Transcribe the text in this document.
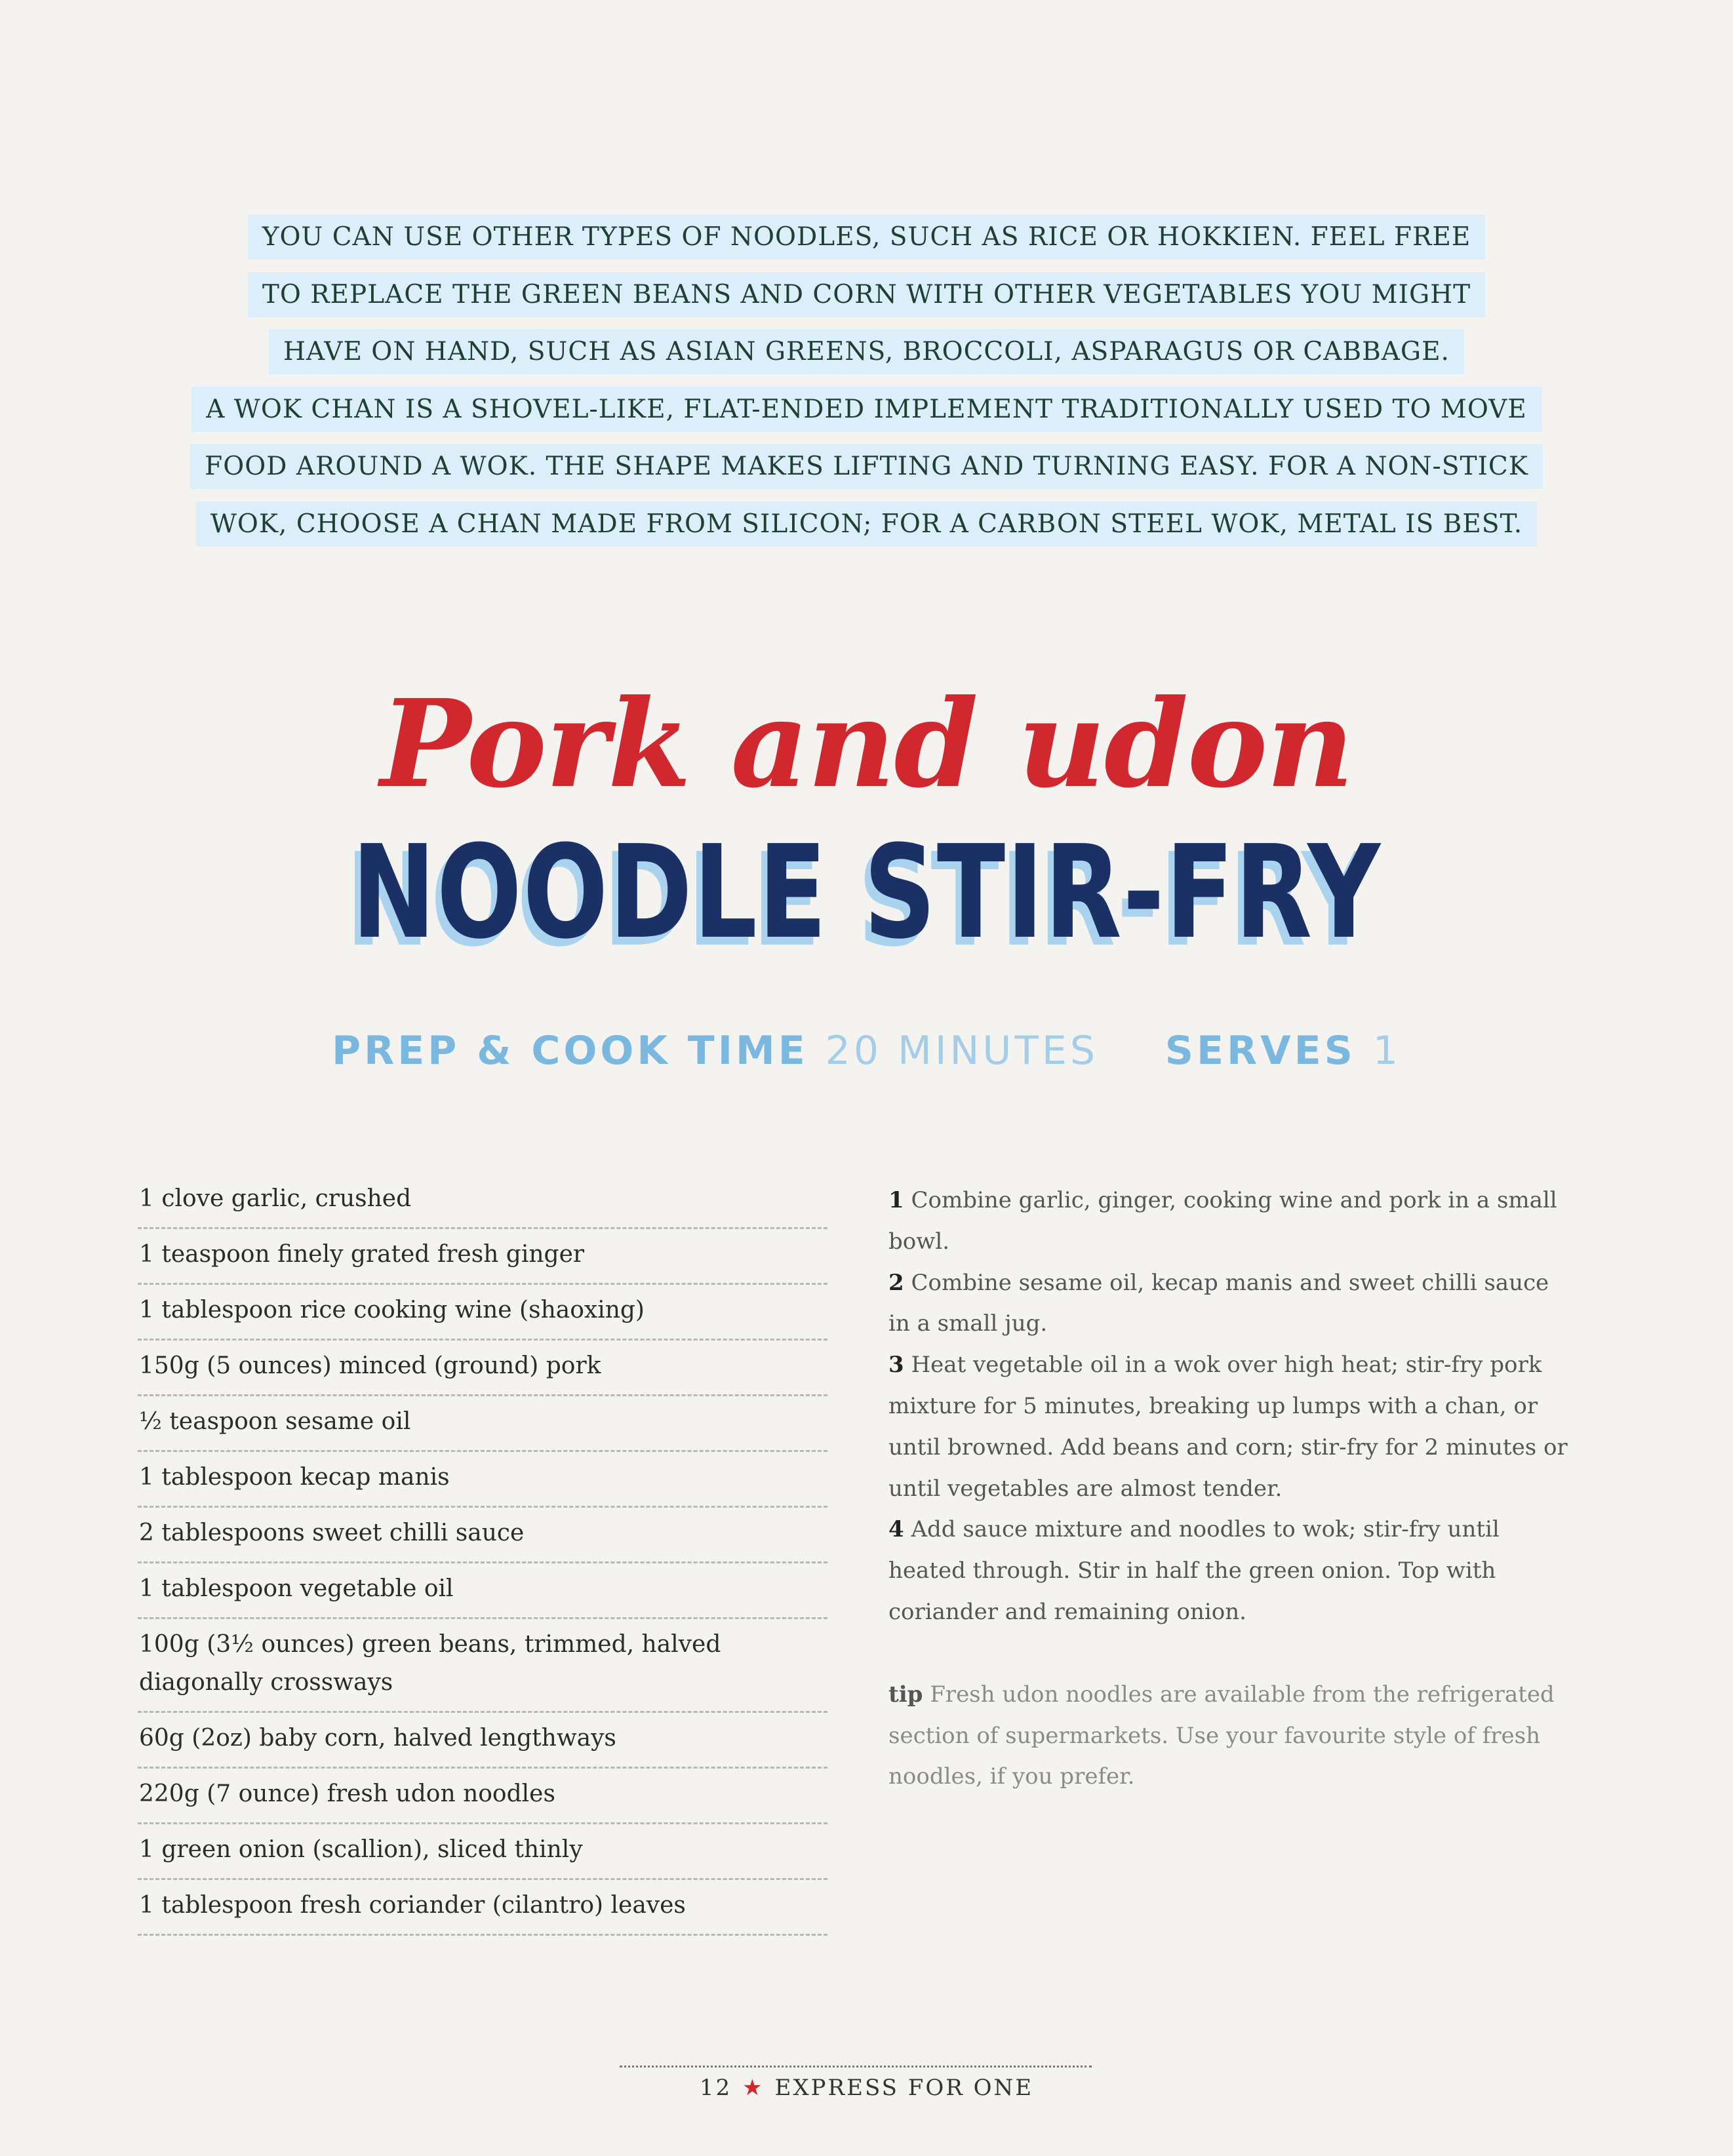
YOU CAN USE OTHER TYPES OF NOODLES, SUCH AS RICE OR HOKKIEN. FEEL FREE
TO REPLACE THE GREEN BEANS AND CORN WITH OTHER VEGETABLES YOU MIGHT
HAVE ON HAND, SUCH AS ASIAN GREENS, BROCCOLI, ASPARAGUS OR CABBAGE.
A WOK CHAN IS A SHOVEL-LIKE, FLAT-ENDED IMPLEMENT TRADITIONALLY USED TO MOVE
FOOD AROUND A WOK. THE SHAPE MAKES LIFTING AND TURNING EASY. FOR A NON-STICK
WOK, CHOOSE A CHAN MADE FROM SILICON; FOR A CARBON STEEL WOK, METAL IS BEST.
Pork and udon
NOODLE STIR-FRY
PREP & COOK TIME 20 MINUTES SERVES 1
1 clove garlic, crushed
1 teaspoon finely grated fresh ginger
1 tablespoon rice cooking wine (shaoxing)
150g (5 ounces) minced (ground) pork
½ teaspoon sesame oil
1 tablespoon kecap manis
2 tablespoons sweet chilli sauce
1 tablespoon vegetable oil
100g (3½ ounces) green beans, trimmed, halved diagonally crossways
60g (2oz) baby corn, halved lengthways
220g (7 ounce) fresh udon noodles
1 green onion (scallion), sliced thinly
1 tablespoon fresh coriander (cilantro) leaves

1 Combine garlic, ginger, cooking wine and pork in a small bowl.

2 Combine sesame oil, kecap manis and sweet chilli sauce in a small jug.

3 Heat vegetable oil in a wok over high heat; stir-fry pork mixture for 5 minutes, breaking up lumps with a chan, or until browned. Add beans and corn; stir-fry for 2 minutes or until vegetables are almost tender.

4 Add sauce mixture and noodles to wok; stir-fry until heated through. Stir in half the green onion. Top with coriander and remaining onion.

tip Fresh udon noodles are available from the refrigerated section of supermarkets. Use your favourite style of fresh noodles, if you prefer.

12 ★ EXPRESS FOR ONE
